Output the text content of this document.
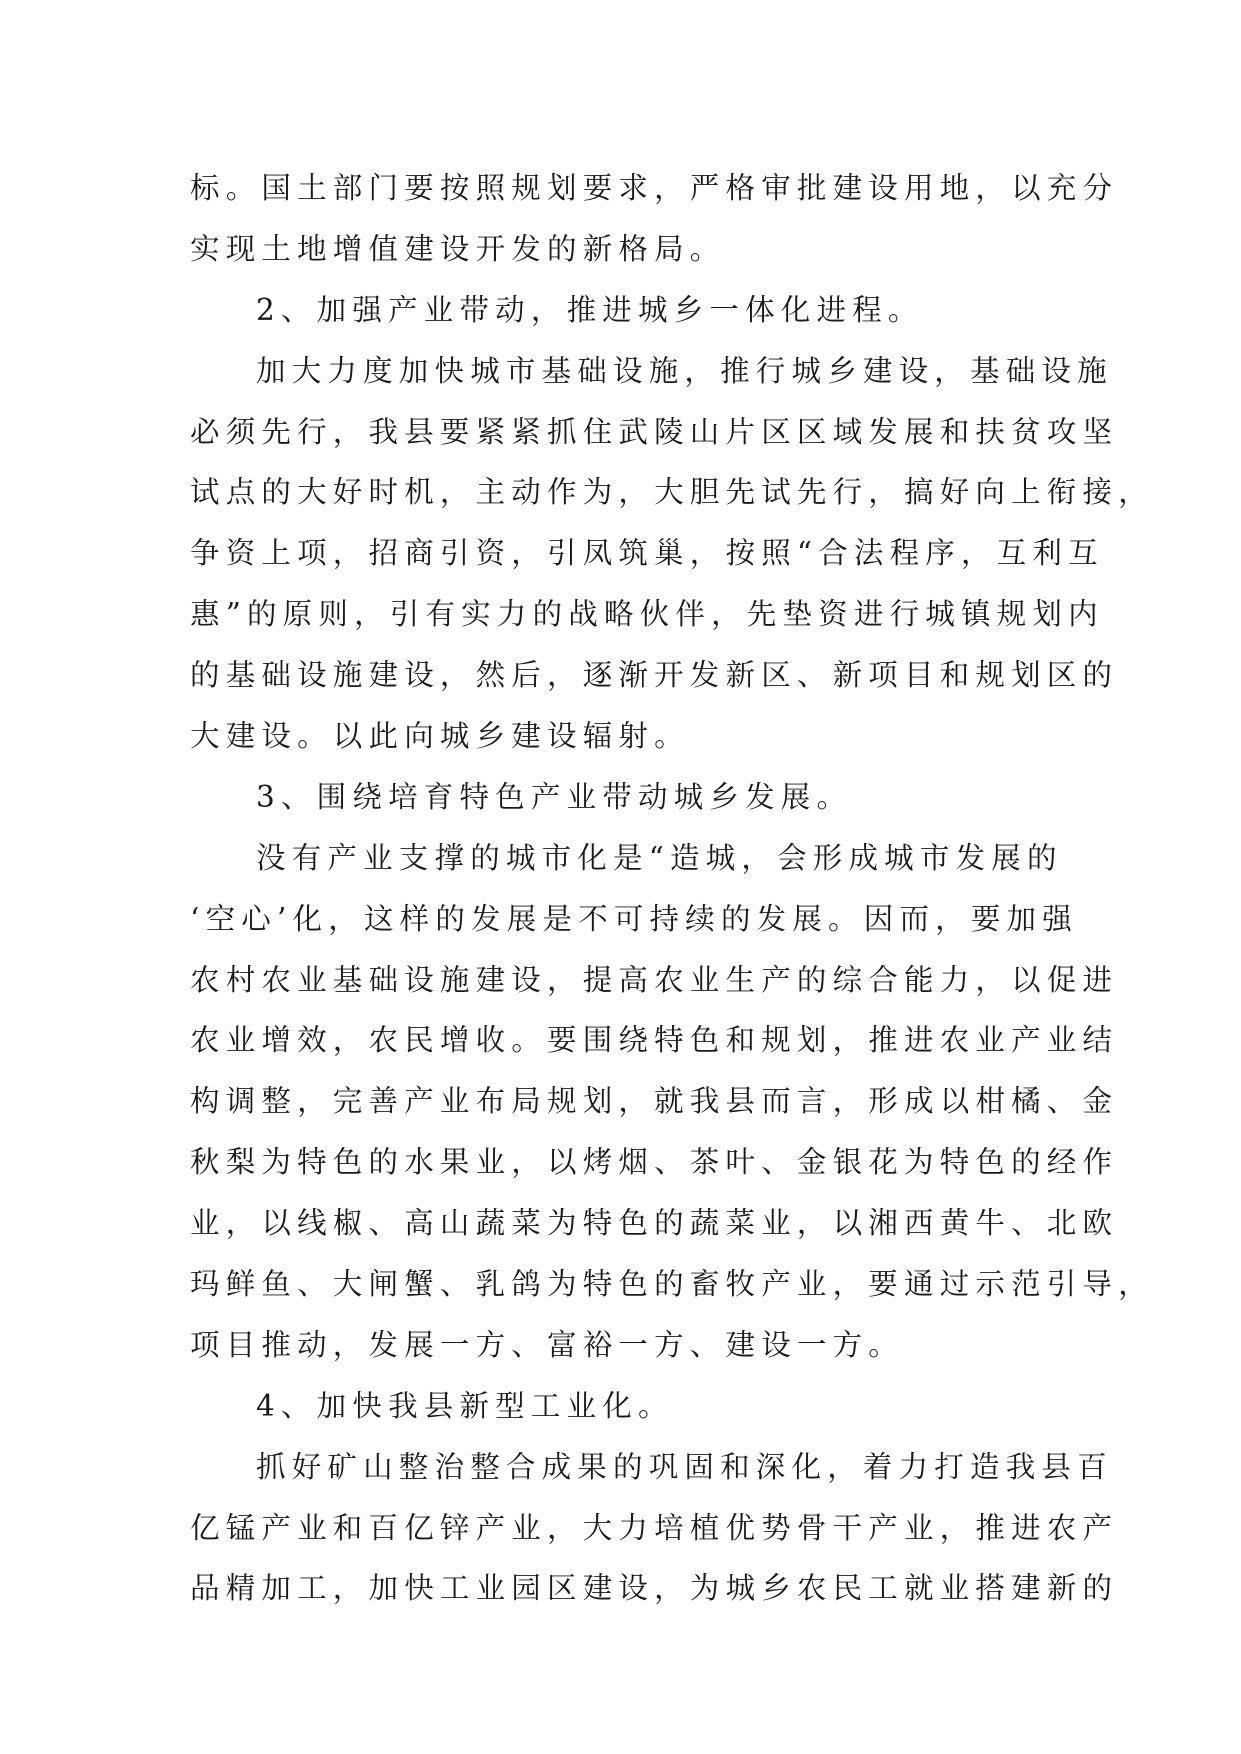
标。国土部门要按照规划要求，严格审批建设用地，以充分
实现土地增值建设开发的新格局。
2、加强产业带动，推进城乡一体化进程。
加大力度加快城市基础设施，推行城乡建设，基础设施
必须先行，我县要紧紧抓住武陵山片区区域发展和扶贫攻坚
试点的大好时机，主动作为，大胆先试先行，搞好向上衔接，
争资上项，招商引资，引凤筑巢，按照“合法程序，互利互
惠”的原则，引有实力的战略伙伴，先垫资进行城镇规划内
的基础设施建设，然后，逐渐开发新区、新项目和规划区的
大建设。以此向城乡建设辐射。
3、围绕培育特色产业带动城乡发展。
没有产业支撑的城市化是“造城，会形成城市发展的
‘空心’化，这样的发展是不可持续的发展。因而，要加强
农村农业基础设施建设，提高农业生产的综合能力，以促进
农业增效，农民增收。要围绕特色和规划，推进农业产业结
构调整，完善产业布局规划，就我县而言，形成以柑橘、金
秋梨为特色的水果业，以烤烟、茶叶、金银花为特色的经作
业，以线椒、高山蔬菜为特色的蔬菜业，以湘西黄牛、北欧
玛鲜鱼、大闸蟹、乳鸽为特色的畜牧产业，要通过示范引导，
项目推动，发展一方、富裕一方、建设一方。
4、加快我县新型工业化。
抓好矿山整治整合成果的巩固和深化，着力打造我县百
亿锰产业和百亿锌产业，大力培植优势骨干产业，推进农产
品精加工，加快工业园区建设，为城乡农民工就业搭建新的
